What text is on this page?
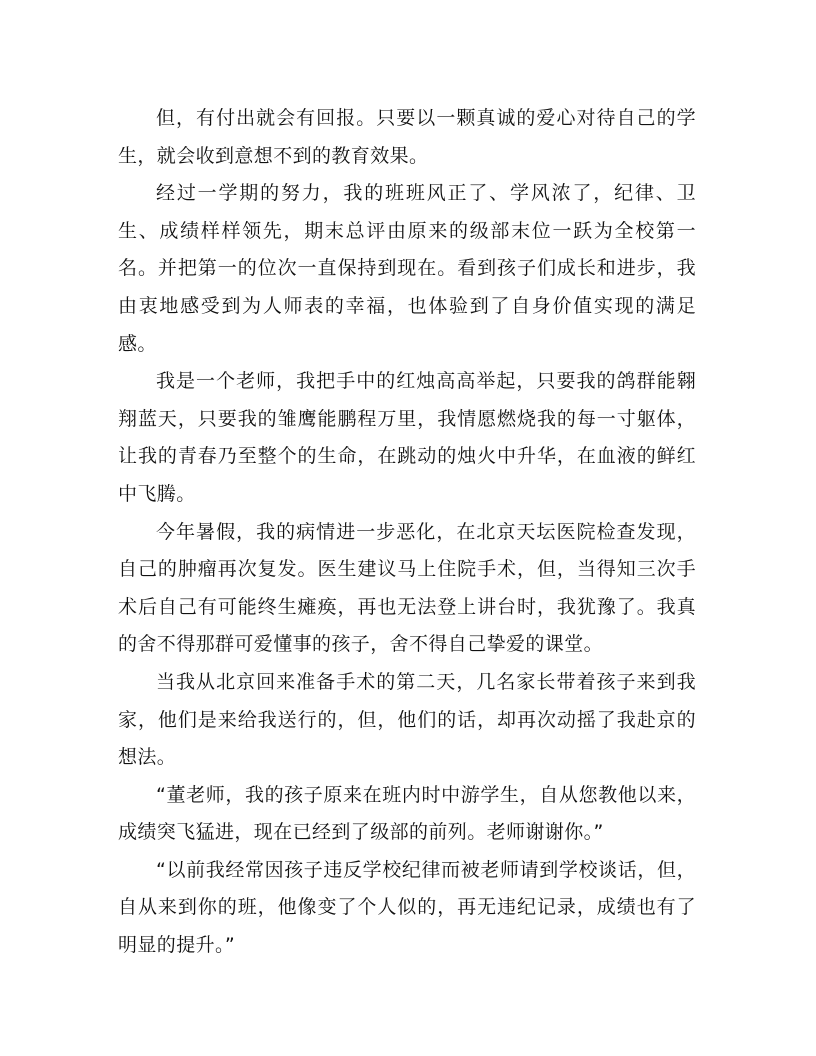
但，有付出就会有回报。只要以一颗真诚的爱心对待自己的学生，就会收到意想不到的教育效果。

经过一学期的努力，我的班班风正了、学风浓了，纪律、卫生、成绩样样领先，期末总评由原来的级部末位一跃为全校第一名。并把第一的位次一直保持到现在。看到孩子们成长和进步，我由衷地感受到为人师表的幸福，也体验到了自身价值实现的满足感。

我是一个老师，我把手中的红烛高高举起，只要我的鸽群能翱翔蓝天，只要我的雏鹰能鹏程万里，我情愿燃烧我的每一寸躯体，让我的青春乃至整个的生命，在跳动的烛火中升华，在血液的鲜红中飞腾。

今年暑假，我的病情进一步恶化，在北京天坛医院检查发现，自己的肿瘤再次复发。医生建议马上住院手术，但，当得知三次手术后自己有可能终生瘫痪，再也无法登上讲台时，我犹豫了。我真的舍不得那群可爱懂事的孩子，舍不得自己挚爱的课堂。

当我从北京回来准备手术的第二天，几名家长带着孩子来到我家，他们是来给我送行的，但，他们的话，却再次动摇了我赴京的想法。

“董老师，我的孩子原来在班内时中游学生，自从您教他以来，成绩突飞猛进，现在已经到了级部的前列。老师谢谢你。”

“以前我经常因孩子违反学校纪律而被老师请到学校谈话，但，自从来到你的班，他像变了个人似的，再无违纪记录，成绩也有了明显的提升。”
